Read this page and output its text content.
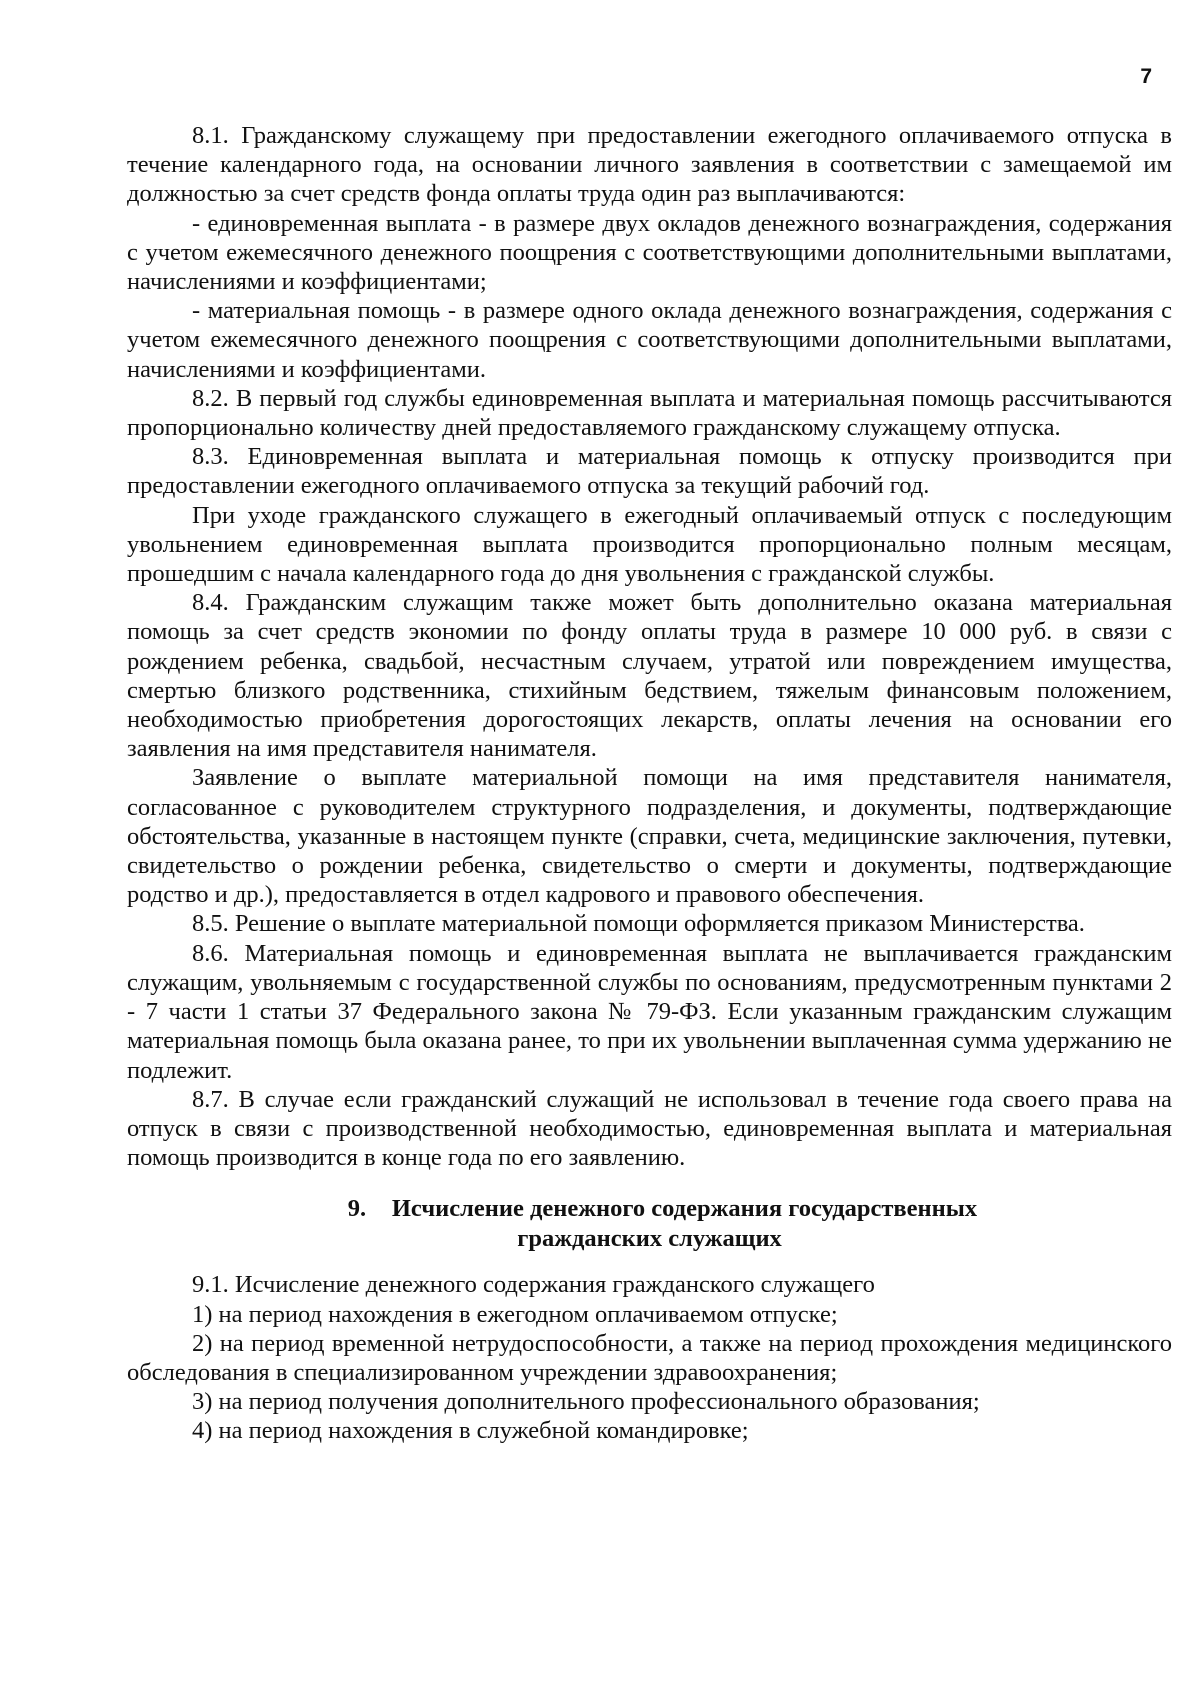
7

8.1. Гражданскому служащему при предоставлении ежегодного оплачиваемого отпуска в течение календарного года, на основании личного заявления в соответствии с замещаемой им должностью за счет средств фонда оплаты труда один раз выплачиваются:

- единовременная выплата - в размере двух окладов денежного вознаграждения, содержания с учетом ежемесячного денежного поощрения с соответствующими дополнительными выплатами, начислениями и коэффициентами;

- материальная помощь - в размере одного оклада денежного вознаграждения, содержания с учетом ежемесячного денежного поощрения с соответствующими дополнительными выплатами, начислениями и коэффициентами.

8.2. В первый год службы единовременная выплата и материальная помощь рассчитываются пропорционально количеству дней предоставляемого гражданскому служащему отпуска.

8.3. Единовременная выплата и материальная помощь к отпуску производится при предоставлении ежегодного оплачиваемого отпуска за текущий рабочий год.

При уходе гражданского служащего в ежегодный оплачиваемый отпуск с последующим увольнением единовременная выплата производится пропорционально полным месяцам, прошедшим с начала календарного года до дня увольнения с гражданской службы.

8.4. Гражданским служащим также может быть дополнительно оказана материальная помощь за счет средств экономии по фонду оплаты труда в размере 10 000 руб. в связи с рождением ребенка, свадьбой, несчастным случаем, утратой или повреждением имущества, смертью близкого родственника, стихийным бедствием, тяжелым финансовым положением, необходимостью приобретения дорогостоящих лекарств, оплаты лечения на основании его заявления на имя представителя нанимателя.

Заявление о выплате материальной помощи на имя представителя нанимателя, согласованное с руководителем структурного подразделения, и документы, подтверждающие обстоятельства, указанные в настоящем пункте (справки, счета, медицинские заключения, путевки, свидетельство о рождении ребенка, свидетельство о смерти и документы, подтверждающие родство и др.), предоставляется в отдел кадрового и правового обеспечения.

8.5. Решение о выплате материальной помощи оформляется приказом Министерства.

8.6. Материальная помощь и единовременная выплата не выплачивается гражданским служащим, увольняемым с государственной службы по основаниям, предусмотренным пунктами 2 - 7 части 1 статьи 37 Федерального закона № 79-ФЗ. Если указанным гражданским служащим материальная помощь была оказана ранее, то при их увольнении выплаченная сумма удержанию не подлежит.

8.7. В случае если гражданский служащий не использовал в течение года своего права на отпуск в связи с производственной необходимостью, единовременная выплата и материальная помощь производится в конце года по его заявлению.

9. Исчисление денежного содержания государственных
гражданских служащих

9.1. Исчисление денежного содержания гражданского служащего

1) на период нахождения в ежегодном оплачиваемом отпуске;

2) на период временной нетрудоспособности, а также на период прохождения медицинского обследования в специализированном учреждении здравоохранения;

3) на период получения дополнительного профессионального образования;

4) на период нахождения в служебной командировке;
